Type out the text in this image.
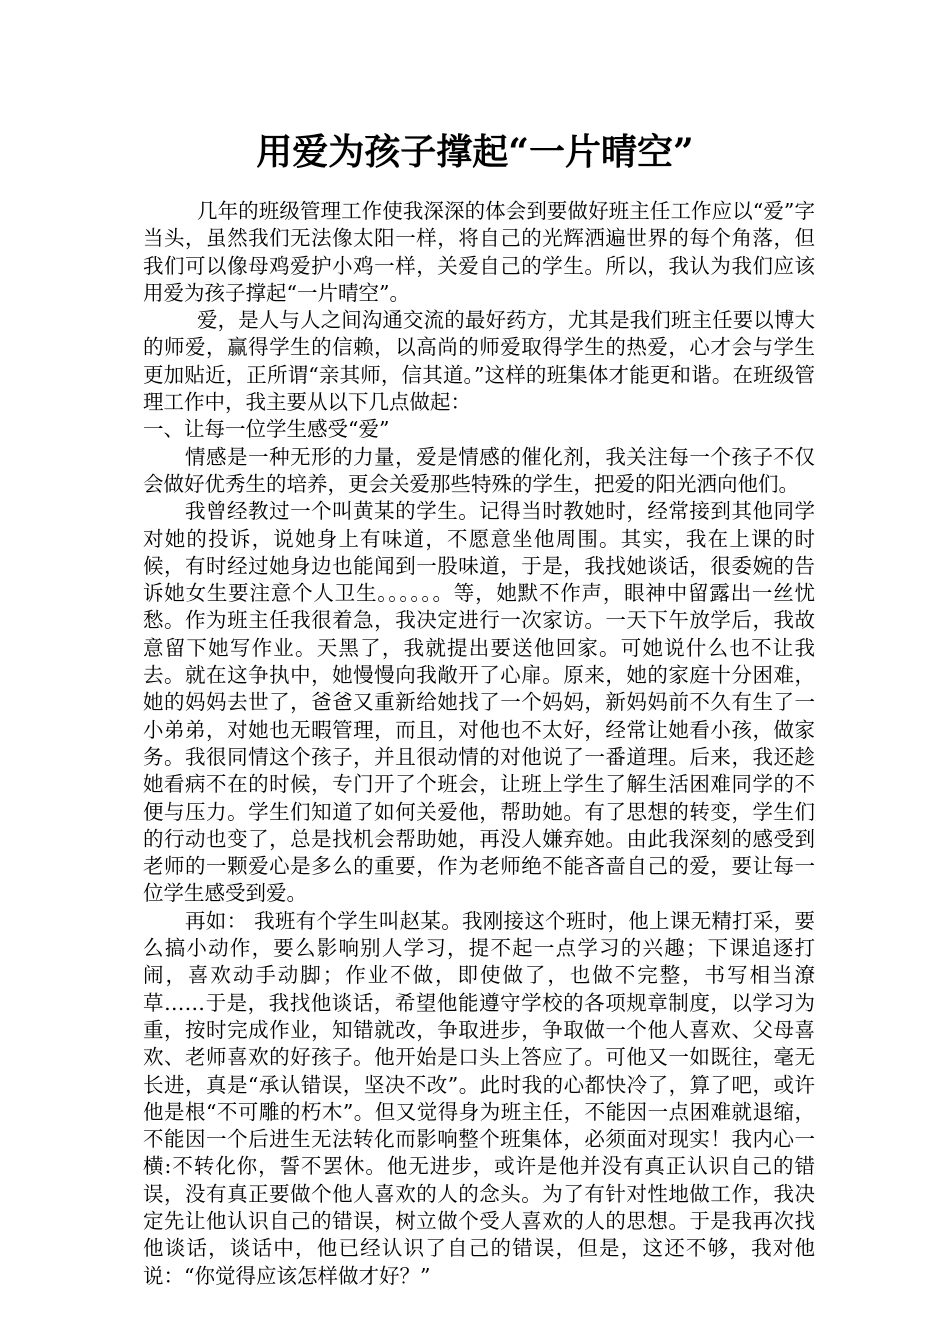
用爱为孩子撑起“一片晴空”

几年的班级管理工作使我深深的体会到要做好班主任工作应以“爱”字当头，虽然我们无法像太阳一样，将自己的光辉洒遍世界的每个角落，但我们可以像母鸡爱护小鸡一样，关爱自己的学生。所以，我认为我们应该用爱为孩子撑起“一片晴空”。

爱，是人与人之间沟通交流的最好药方，尤其是我们班主任要以博大的师爱，赢得学生的信赖，以高尚的师爱取得学生的热爱，心才会与学生更加贴近，正所谓“亲其师，信其道。”这样的班集体才能更和谐。在班级管理工作中，我主要从以下几点做起：

一、让每一位学生感受“爱”

情感是一种无形的力量，爱是情感的催化剂，我关注每一个孩子不仅会做好优秀生的培养，更会关爱那些特殊的学生，把爱的阳光洒向他们。

我曾经教过一个叫黄某的学生。记得当时教她时，经常接到其他同学对她的投诉，说她身上有味道，不愿意坐他周围。其实，我在上课的时候，有时经过她身边也能闻到一股味道，于是，我找她谈话，很委婉的告诉她女生要注意个人卫生。。。。。。等，她默不作声，眼神中留露出一丝忧愁。作为班主任我很着急，我决定进行一次家访。一天下午放学后，我故意留下她写作业。天黑了，我就提出要送他回家。可她说什么也不让我去。就在这争执中，她慢慢向我敞开了心扉。原来，她的家庭十分困难，她的妈妈去世了，爸爸又重新给她找了一个妈妈，新妈妈前不久有生了一小弟弟，对她也无暇管理，而且，对他也不太好，经常让她看小孩，做家务。我很同情这个孩子，并且很动情的对他说了一番道理。后来，我还趁她看病不在的时候，专门开了个班会，让班上学生了解生活困难同学的不便与压力。学生们知道了如何关爱他，帮助她。有了思想的转变，学生们的行动也变了，总是找机会帮助她，再没人嫌弃她。由此我深刻的感受到老师的一颗爱心是多么的重要，作为老师绝不能吝啬自己的爱，要让每一位学生感受到爱。

再如： 我班有个学生叫赵某。我刚接这个班时，他上课无精打采，要么搞小动作，要么影响别人学习，提不起一点学习的兴趣；下课追逐打闹，喜欢动手动脚；作业不做，即使做了，也做不完整，书写相当潦草……于是，我找他谈话，希望他能遵守学校的各项规章制度，以学习为重，按时完成作业，知错就改，争取进步，争取做一个他人喜欢、父母喜欢、老师喜欢的好孩子。他开始是口头上答应了。可他又一如既往，毫无长进，真是“承认错误，坚决不改”。此时我的心都快冷了，算了吧，或许他是根“不可雕的朽木”。但又觉得身为班主任，不能因一点困难就退缩，不能因一个后进生无法转化而影响整个班集体，必须面对现实！我内心一横:不转化你，誓不罢休。他无进步，或许是他并没有真正认识自己的错误，没有真正要做个他人喜欢的人的念头。为了有针对性地做工作，我决定先让他认识自己的错误，树立做个受人喜欢的人的思想。于是我再次找他谈话，谈话中，他已经认识了自己的错误，但是，这还不够，我对他说：“你觉得应该怎样做才好？”
